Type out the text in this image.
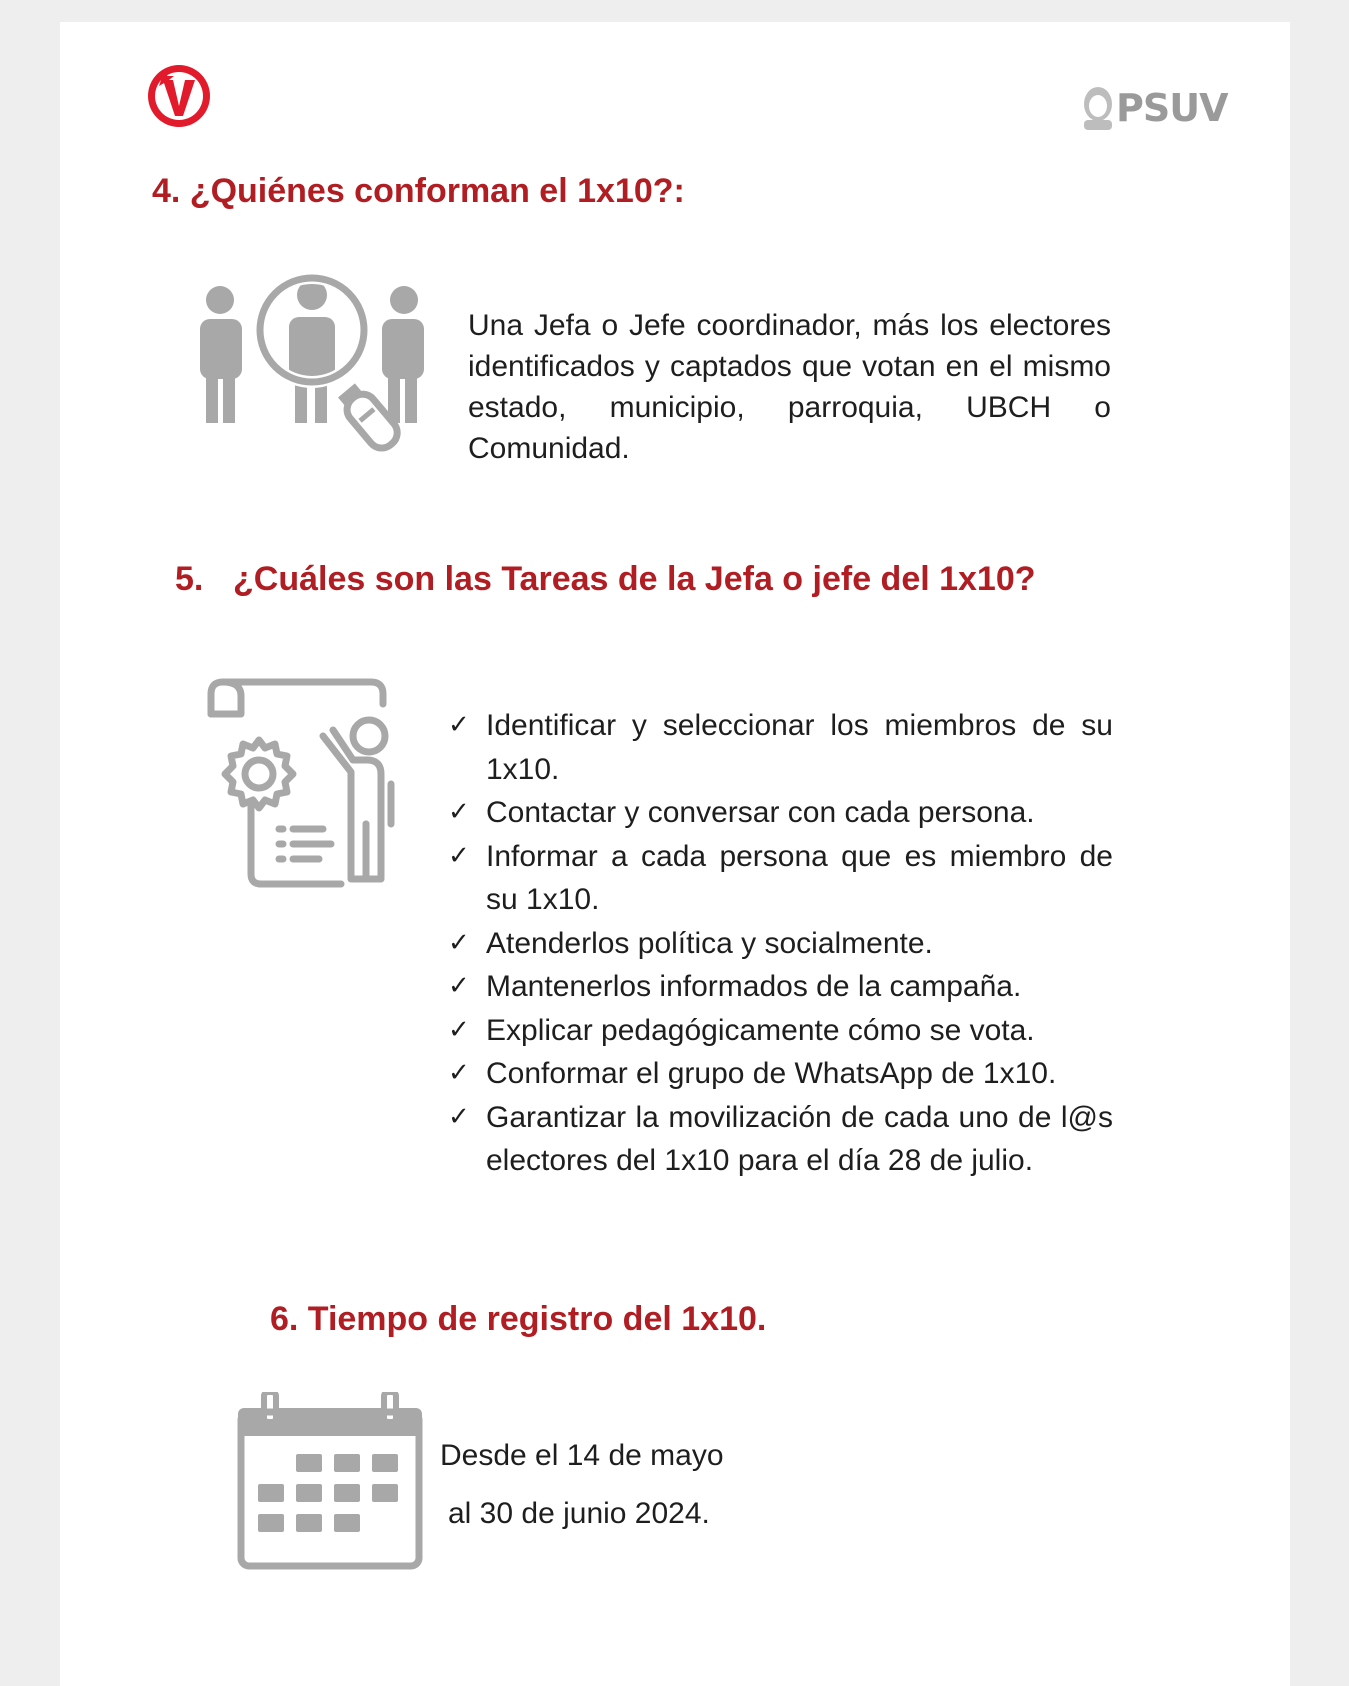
PSUV
4. ¿Quiénes conforman el 1x10?:

Una Jefa o Jefe coordinador, más los electores identificados y captados que votan en el mismo estado, municipio, parroquia, UBCH o Comunidad.

5. ¿Cuáles son las Tareas de la Jefa o jefe del 1x10?
✓ Identificar y seleccionar los miembros de su 1x10.
✓ Contactar y conversar con cada persona.
✓ Informar a cada persona que es miembro de su 1x10.
✓ Atenderlos política y socialmente.
✓ Mantenerlos informados de la campaña.
✓ Explicar pedagógicamente cómo se vota.
✓ Conformar el grupo de WhatsApp de 1x10.
✓ Garantizar la movilización de cada uno de l@s electores del 1x10 para el día 28 de julio.
6. Tiempo de registro del 1x10.
Desde el 14 de mayo
al 30 de junio 2024.
